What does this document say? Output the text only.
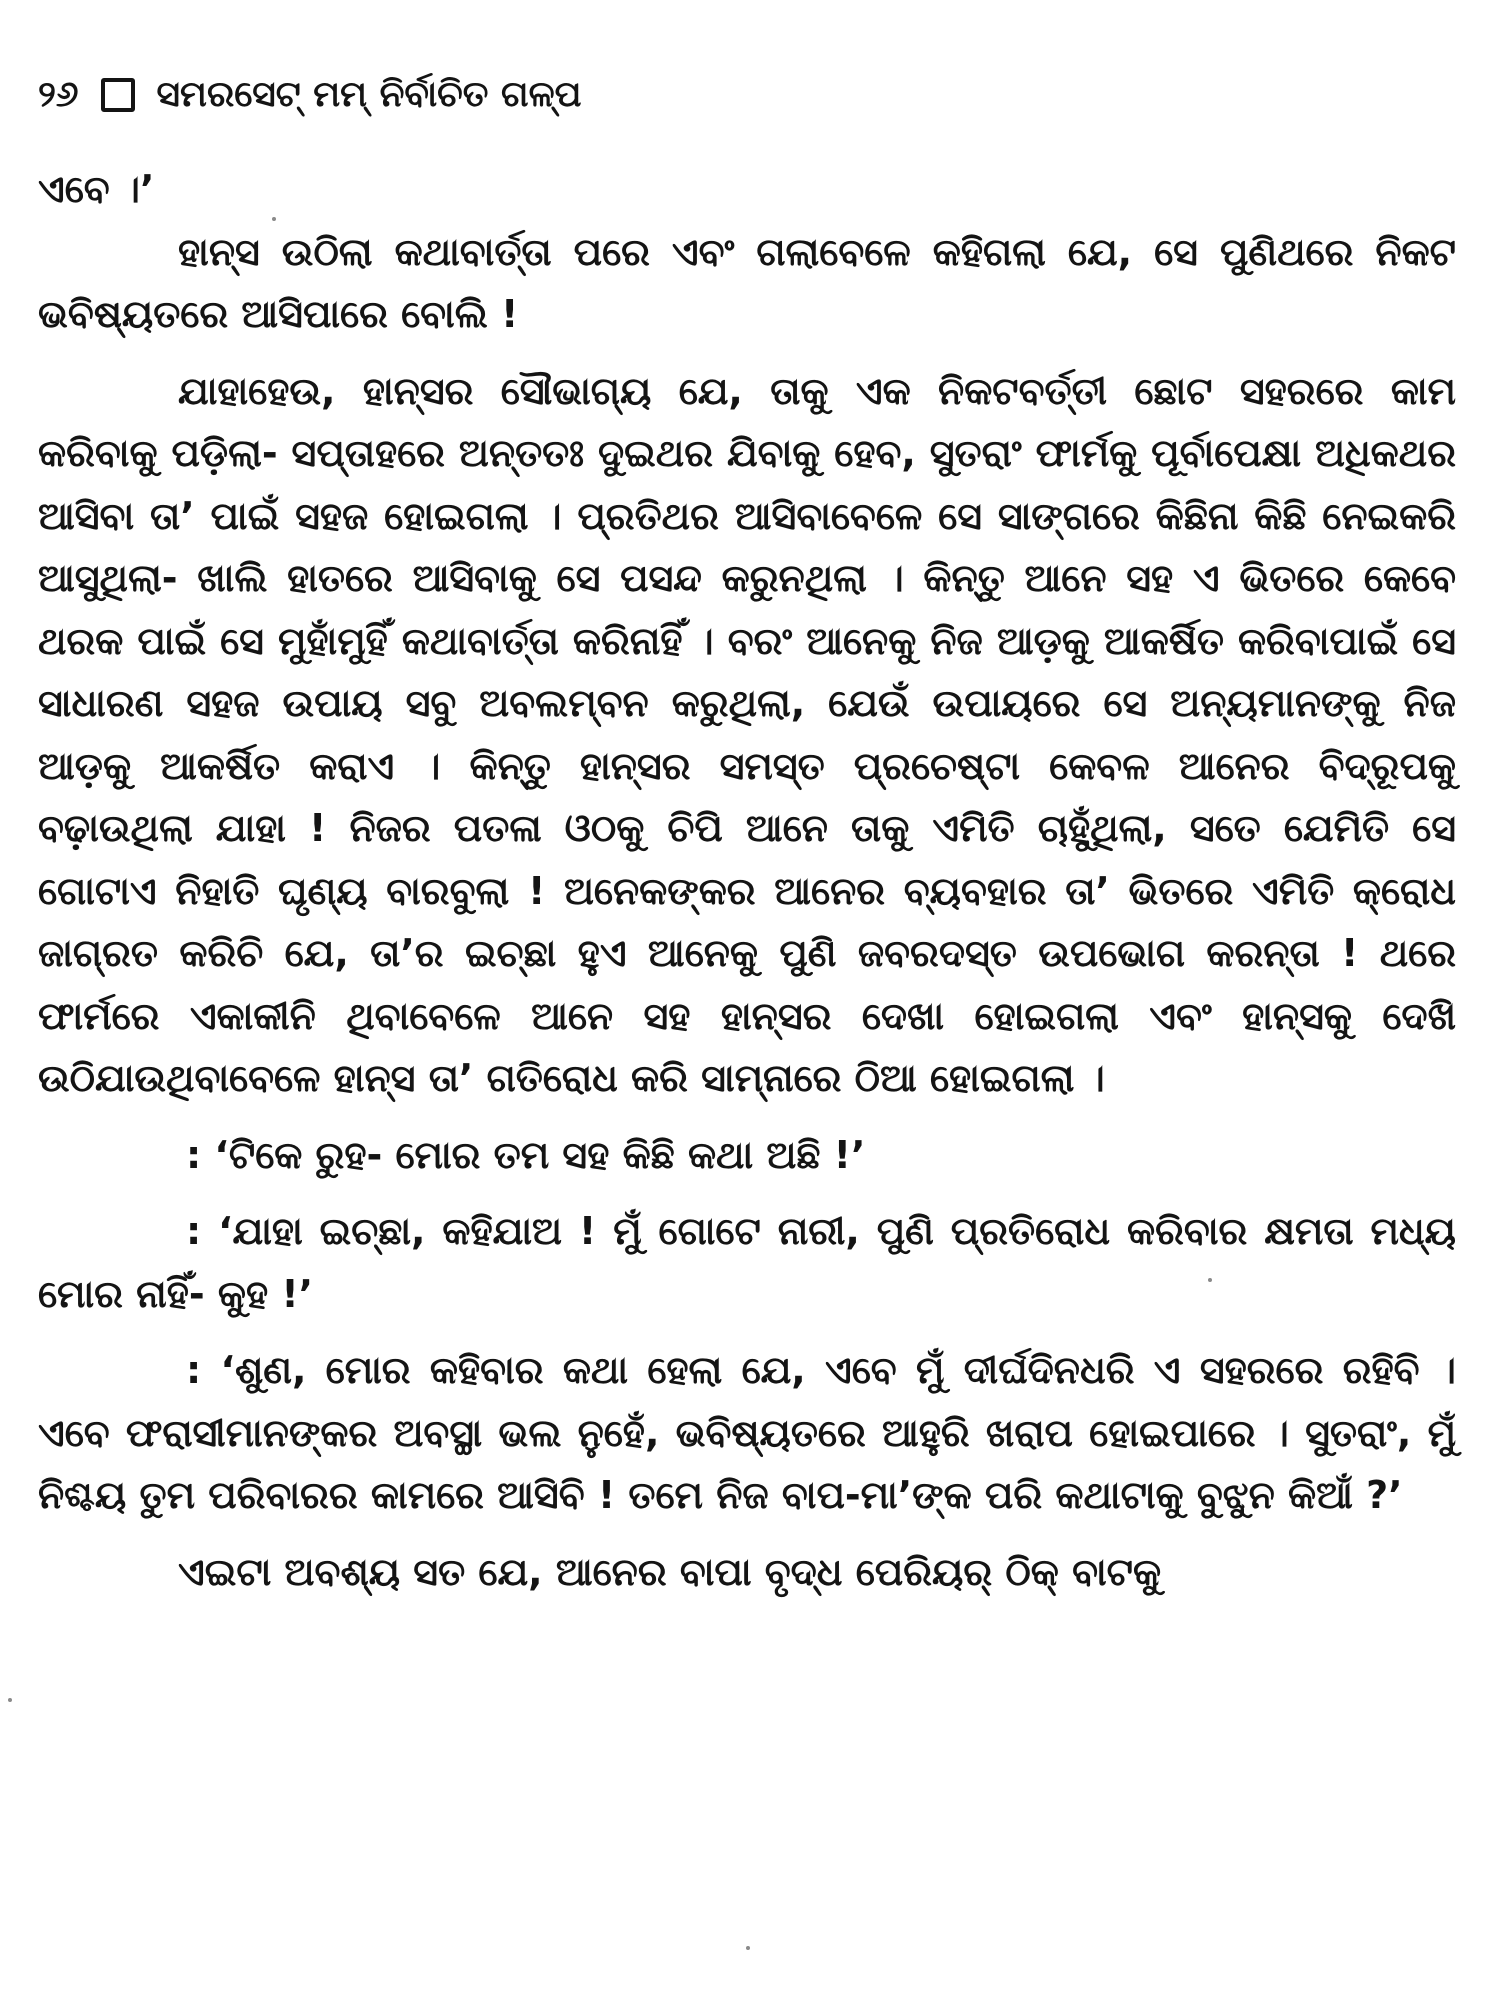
୨୬ ସମରସେଟ୍ ମମ୍ ନିର୍ବାଚିତ ଗଳ୍ପ

ଏବେ ।’

ହାନ୍ସ ଉଠିଲା କଥାବାର୍ତ୍ତା ପରେ ଏବଂ ଗଲାବେଳେ କହିଗଲା ଯେ, ସେ ପୁଣିଥରେ ନିକଟ ଭବିଷ୍ୟତରେ ଆସିପାରେ ବୋଲି !

ଯାହାହେଉ, ହାନ୍ସର ସୌଭାଗ୍ୟ ଯେ, ତାକୁ ଏକ ନିକଟବର୍ତ୍ତୀ ଛୋଟ ସହରରେ କାମ କରିବାକୁ ପଡ଼ିଲା- ସପ୍ତାହରେ ଅନ୍ତତଃ ଦୁଇଥର ଯିବାକୁ ହେବ, ସୁତରାଂ ଫାର୍ମକୁ ପୂର୍ବାପେକ୍ଷା ଅଧିକଥର ଆସିବା ତା’ ପାଇଁ ସହଜ ହୋଇଗଲା । ପ୍ରତିଥର ଆସିବାବେଳେ ସେ ସାଙ୍ଗରେ କିଛିନା କିଛି ନେଇକରି ଆସୁଥିଲା- ଖାଲି ହାତରେ ଆସିବାକୁ ସେ ପସନ୍ଦ କରୁନଥିଲା । କିନ୍ତୁ ଆନେ ସହ ଏ ଭିତରେ କେବେ ଥରକ ପାଇଁ ସେ ମୁହାଁମୁହିଁ କଥାବାର୍ତ୍ତା କରିନାହିଁ । ବରଂ ଆନେକୁ ନିଜ ଆଡ଼କୁ ଆକର୍ଷିତ କରିବାପାଇଁ ସେ ସାଧାରଣ ସହଜ ଉପାୟ ସବୁ ଅବଲମ୍ବନ କରୁଥିଲା, ଯେଉଁ ଉପାୟରେ ସେ ଅନ୍ୟମାନଙ୍କୁ ନିଜ ଆଡ଼କୁ ଆକର୍ଷିତ କରାଏ । କିନ୍ତୁ ହାନ୍ସର ସମସ୍ତ ପ୍ରଚେଷ୍ଟା କେବଳ ଆନେର ବିଦ୍ରୂପକୁ ବଢ଼ାଉଥିଲା ଯାହା ! ନିଜର ପତଳା ଓଠକୁ ଚିପି ଆନେ ତାକୁ ଏମିତି ଚାହୁଁଥିଲା, ସତେ ଯେମିତି ସେ ଗୋଟାଏ ନିହାତି ଘୃଣ୍ୟ ବାରବୁଲା ! ଅନେକଙ୍କର ଆନେର ବ୍ୟବହାର ତା’ ଭିତରେ ଏମିତି କ୍ରୋଧ ଜାଗ୍ରତ କରିଚି ଯେ, ତା’ର ଇଚ୍ଛା ହୁଏ ଆନେକୁ ପୁଣି ଜବରଦସ୍ତ ଉପଭୋଗ କରନ୍ତା ! ଥରେ ଫାର୍ମରେ ଏକାକୀନି ଥିବାବେଳେ ଆନେ ସହ ହାନ୍ସର ଦେଖା ହୋଇଗଲା ଏବଂ ହାନ୍ସକୁ ଦେଖି ଉଠିଯାଉଥିବାବେଳେ ହାନ୍ସ ତା’ ଗତିରୋଧ କରି ସାମ୍ନାରେ ଠିଆ ହୋଇଗଲା ।

: ‘ଟିକେ ରୁହ- ମୋର ତମ ସହ କିଛି କଥା ଅଛି !’

: ‘ଯାହା ଇଚ୍ଛା, କହିଯାଅ ! ମୁଁ ଗୋଟେ ନାରୀ, ପୁଣି ପ୍ରତିରୋଧ କରିବାର କ୍ଷମତା ମଧ୍ୟ ମୋର ନାହିଁ- କୁହ !’

: ‘ଶୁଣ, ମୋର କହିବାର କଥା ହେଲା ଯେ, ଏବେ ମୁଁ ଦୀର୍ଘଦିନଧରି ଏ ସହରରେ ରହିବି । ଏବେ ଫରାସୀମାନଙ୍କର ଅବସ୍ଥା ଭଲ ନୁହେଁ, ଭବିଷ୍ୟତରେ ଆହୁରି ଖରାପ ହୋଇପାରେ । ସୁତରାଂ, ମୁଁ ନିଶ୍ଚୟ ତୁମ ପରିବାରର କାମରେ ଆସିବି ! ତମେ ନିଜ ବାପ-ମା’ଙ୍କ ପରି କଥାଟାକୁ ବୁଝୁନ କିଆଁ ?’

ଏଇଟା ଅବଶ୍ୟ ସତ ଯେ, ଆନେର ବାପା ବୃଦ୍ଧ ପେରିୟର୍ ଠିକ୍ ବାଟକୁ
